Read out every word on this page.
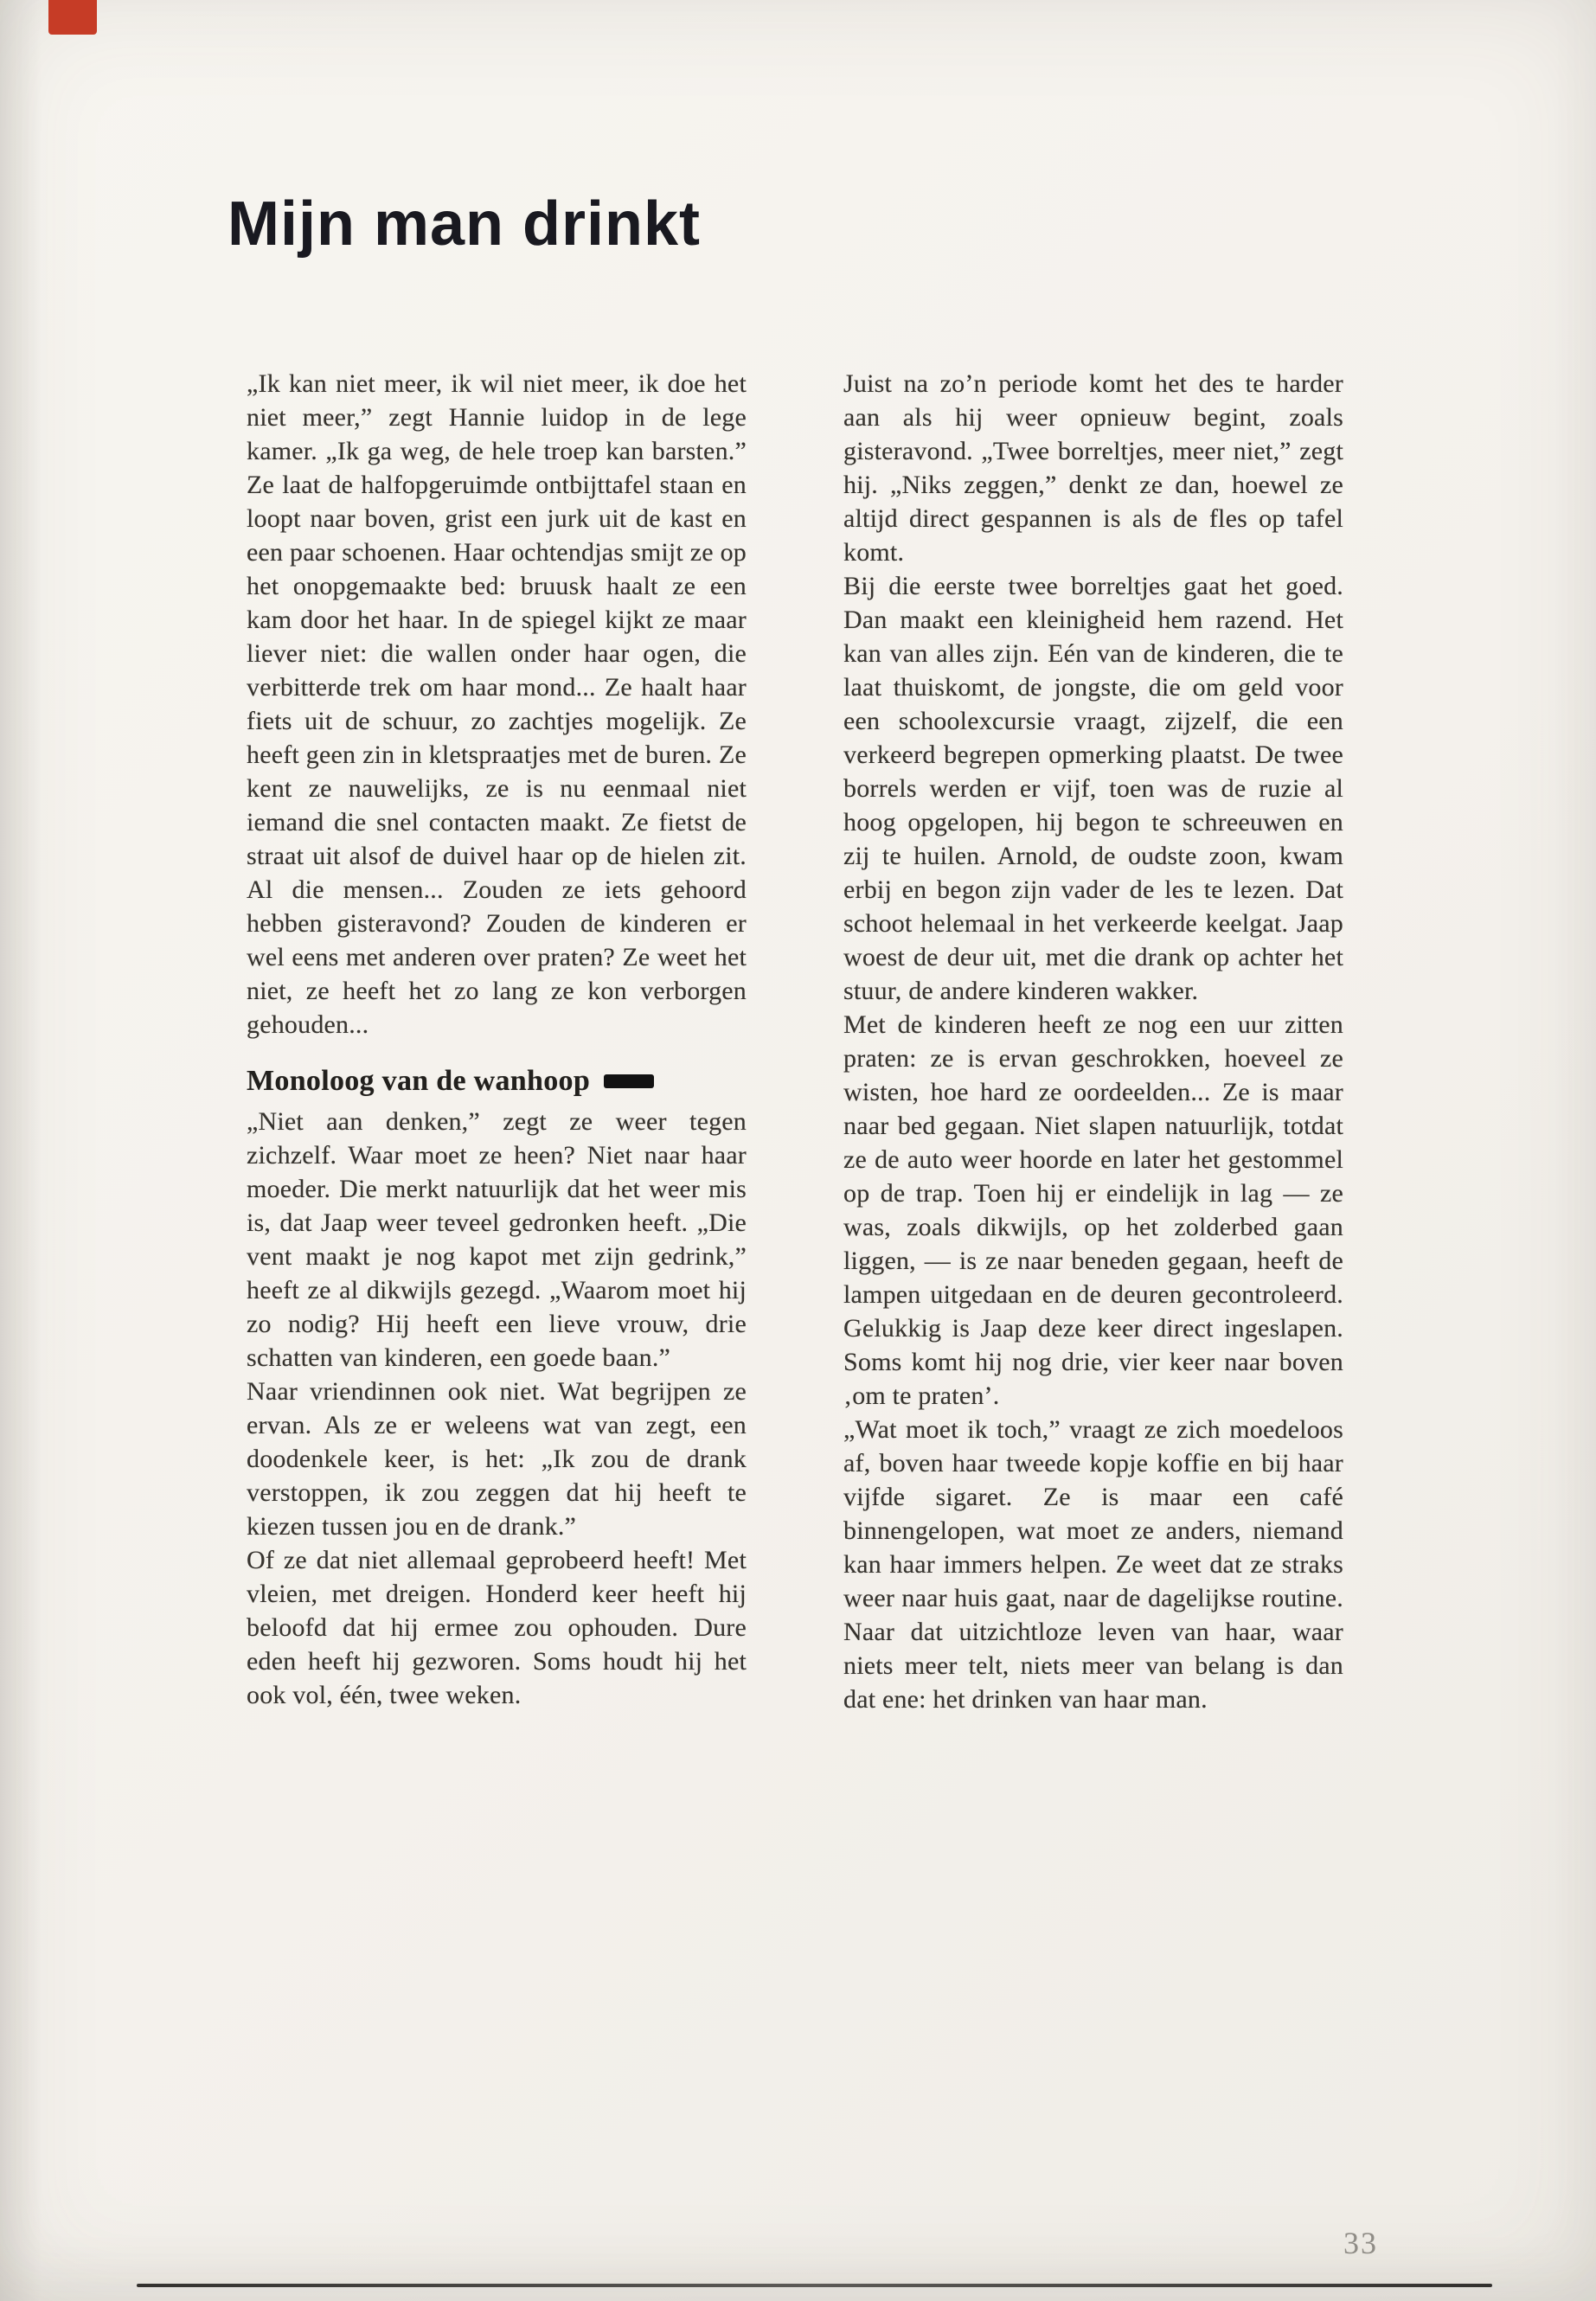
Mijn man drinkt

„Ik kan niet meer, ik wil niet meer, ik doe het niet meer,” zegt Hannie luidop in de lege kamer. „Ik ga weg, de hele troep kan barsten.” Ze laat de halfopgeruimde ontbijttafel staan en loopt naar boven, grist een jurk uit de kast en een paar schoenen. Haar ochtendjas smijt ze op het onopgemaakte bed: bruusk haalt ze een kam door het haar. In de spiegel kijkt ze maar liever niet: die wallen onder haar ogen, die verbitterde trek om haar mond... Ze haalt haar fiets uit de schuur, zo zachtjes mogelijk. Ze heeft geen zin in kletspraatjes met de buren. Ze kent ze nauwelijks, ze is nu eenmaal niet iemand die snel contacten maakt. Ze fietst de straat uit alsof de duivel haar op de hielen zit. Al die mensen... Zouden ze iets gehoord hebben gisteravond? Zouden de kinderen er wel eens met anderen over praten? Ze weet het niet, ze heeft het zo lang ze kon verborgen gehouden...

Monoloog van de wanhoop

„Niet aan denken,” zegt ze weer tegen zichzelf. Waar moet ze heen? Niet naar haar moeder. Die merkt natuurlijk dat het weer mis is, dat Jaap weer teveel gedronken heeft. „Die vent maakt je nog kapot met zijn gedrink,” heeft ze al dikwijls gezegd. „Waarom moet hij zo nodig? Hij heeft een lieve vrouw, drie schatten van kinderen, een goede baan.”

Naar vriendinnen ook niet. Wat begrijpen ze ervan. Als ze er weleens wat van zegt, een doodenkele keer, is het: „Ik zou de drank verstoppen, ik zou zeggen dat hij heeft te kiezen tussen jou en de drank.”

Of ze dat niet allemaal geprobeerd heeft! Met vleien, met dreigen. Honderd keer heeft hij beloofd dat hij ermee zou ophouden. Dure eden heeft hij gezworen. Soms houdt hij het ook vol, één, twee weken.

Juist na zo’n periode komt het des te harder aan als hij weer opnieuw begint, zoals gisteravond. „Twee borreltjes, meer niet,” zegt hij. „Niks zeggen,” denkt ze dan, hoewel ze altijd direct gespannen is als de fles op tafel komt.

Bij die eerste twee borreltjes gaat het goed. Dan maakt een kleinigheid hem razend. Het kan van alles zijn. Eén van de kinderen, die te laat thuiskomt, de jongste, die om geld voor een schoolexcursie vraagt, zijzelf, die een verkeerd begrepen opmerking plaatst. De twee borrels werden er vijf, toen was de ruzie al hoog opgelopen, hij begon te schreeuwen en zij te huilen. Arnold, de oudste zoon, kwam erbij en begon zijn vader de les te lezen. Dat schoot helemaal in het verkeerde keelgat. Jaap woest de deur uit, met die drank op achter het stuur, de andere kinderen wakker.

Met de kinderen heeft ze nog een uur zitten praten: ze is ervan geschrokken, hoeveel ze wisten, hoe hard ze oordeelden... Ze is maar naar bed gegaan. Niet slapen natuurlijk, totdat ze de auto weer hoorde en later het gestommel op de trap. Toen hij er eindelijk in lag — ze was, zoals dikwijls, op het zolderbed gaan liggen, — is ze naar beneden gegaan, heeft de lampen uitgedaan en de deuren gecontroleerd. Gelukkig is Jaap deze keer direct ingeslapen. Soms komt hij nog drie, vier keer naar boven ‚om te praten’.

„Wat moet ik toch,” vraagt ze zich moedeloos af, boven haar tweede kopje koffie en bij haar vijfde sigaret. Ze is maar een café binnengelopen, wat moet ze anders, niemand kan haar immers helpen. Ze weet dat ze straks weer naar huis gaat, naar de dagelijkse routine. Naar dat uitzichtloze leven van haar, waar niets meer telt, niets meer van belang is dan dat ene: het drinken van haar man.

33
